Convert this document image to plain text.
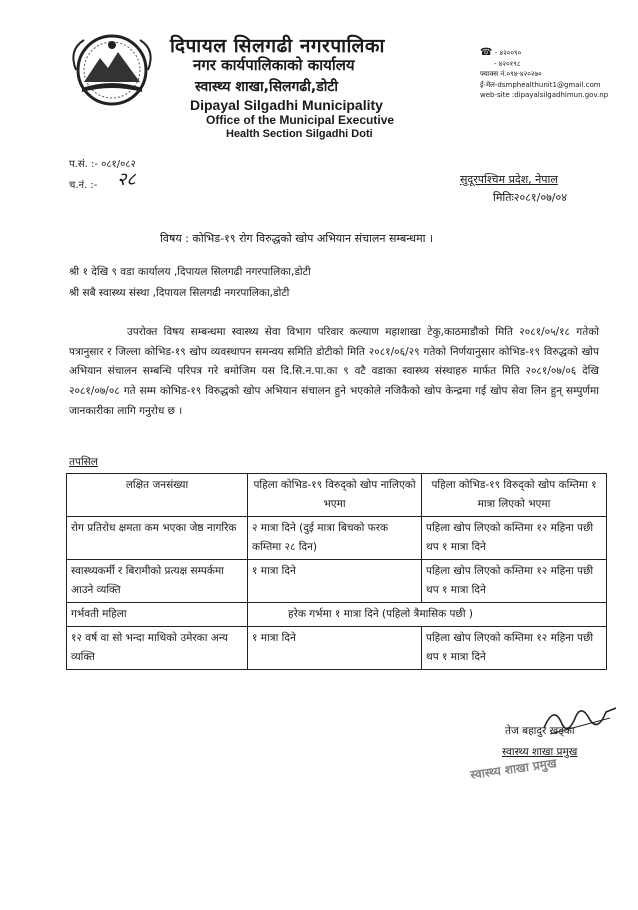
दिपायल सिलगढी नगरपालिका
नगर कार्यपालिकाको कार्यालय
स्वास्थ्य शाखा,सिलगढी,डोटी
Dipayal Silgadhi Municipality
Office of the Municipal Executive
Health Section Silgadhi Doti
☎ - ४२००९०
- ४२०१९८
फ्याक्स नं.०९४-४२०२७०
ई-मेल-dsmphealthunit1@gmail.com
web-site :dipayalsilgadhimun.gov.np
प.सं. :- ०८१/०८२
च.नं. :- २८	सुदूरपश्चिम प्रदेश, नेपाल
मितिः२०८१/०७/०४
विषय : कोभिड-१९ रोग विरुद्धको खोप अभियान संचालन सम्बन्धमा ।
श्री १ देखि ९ वडा कार्यालय ,दिपायल सिलगढी नगरपालिका,डोटी
श्री सबै स्वास्थ्य संस्था ,दिपायल सिलगढी नगरपालिका,डोटी

उपरोक्त विषय सम्बन्धमा स्वास्थ्य सेवा विभाग परिवार कल्याण महाशाखा टेकु,काठमाडौको मिति २०८१/०५/१८ गतेको पत्रानुसार र जिल्ला कोभिड-१९ खोप व्यवस्थापन समन्वय समिति डोटीको मिति २०८१/०६/२९ गतेको निर्णयानुसार कोभिड-१९ विरुद्धको खोप अभियान संचालन सम्बन्धि परिपत्र गरे बमोजिम यस दि.सि.न.पा.का ९ वटै वडाका स्वास्थ्य संस्थाहरु मार्फत मिति २०८१/०७/०६ देखि २०८१/०७/०८ गते सम्म कोभिड-१९ विरुद्धको खोप अभियान संचालन हुने भएकोले नजिकैको खोप केन्द्रमा गई खोप सेवा लिन हुन् सम्पुर्णमा जानकारीका लागि गनुरोध छ ।

तपसिल
लक्षित जनसंख्या	पहिला कोभिड-१९ विरुद्को खोप नालिएको भएमा	पहिला कोभिड-१९ विरुद्को खोप कम्तिमा १ मात्रा लिएको भएमा
रोग प्रतिरोध क्षमता कम भएका जेष्ठ नागरिक	२ मात्रा दिने (दुई मात्रा बिचको फरक कम्तिमा २८ दिन)	पहिला खोप लिएको कम्तिमा १२ महिना पछी थप १ मात्रा दिने
स्वास्थ्यकर्मी र बिरामीको प्रत्यक्ष सम्पर्कमा आउने व्यक्ति	१ मात्रा दिने	पहिला खोप लिएको कम्तिमा १२ महिना पछी थप १ मात्रा दिने
गर्भवती महिला	हरेक गर्भमा १ मात्रा दिने (पहिलो त्रैमासिक पछी )	
१२ वर्ष वा सो भन्दा माथिको उमेरका अन्य व्यक्ति	१ मात्रा दिने	पहिला खोप लिएको कम्तिमा १२ महिना पछी थप १ मात्रा दिने
तेज बहादुर खड्का
स्वास्थ्य शाखा प्रमुख
स्वास्थ्य शाखा प्रमुख
